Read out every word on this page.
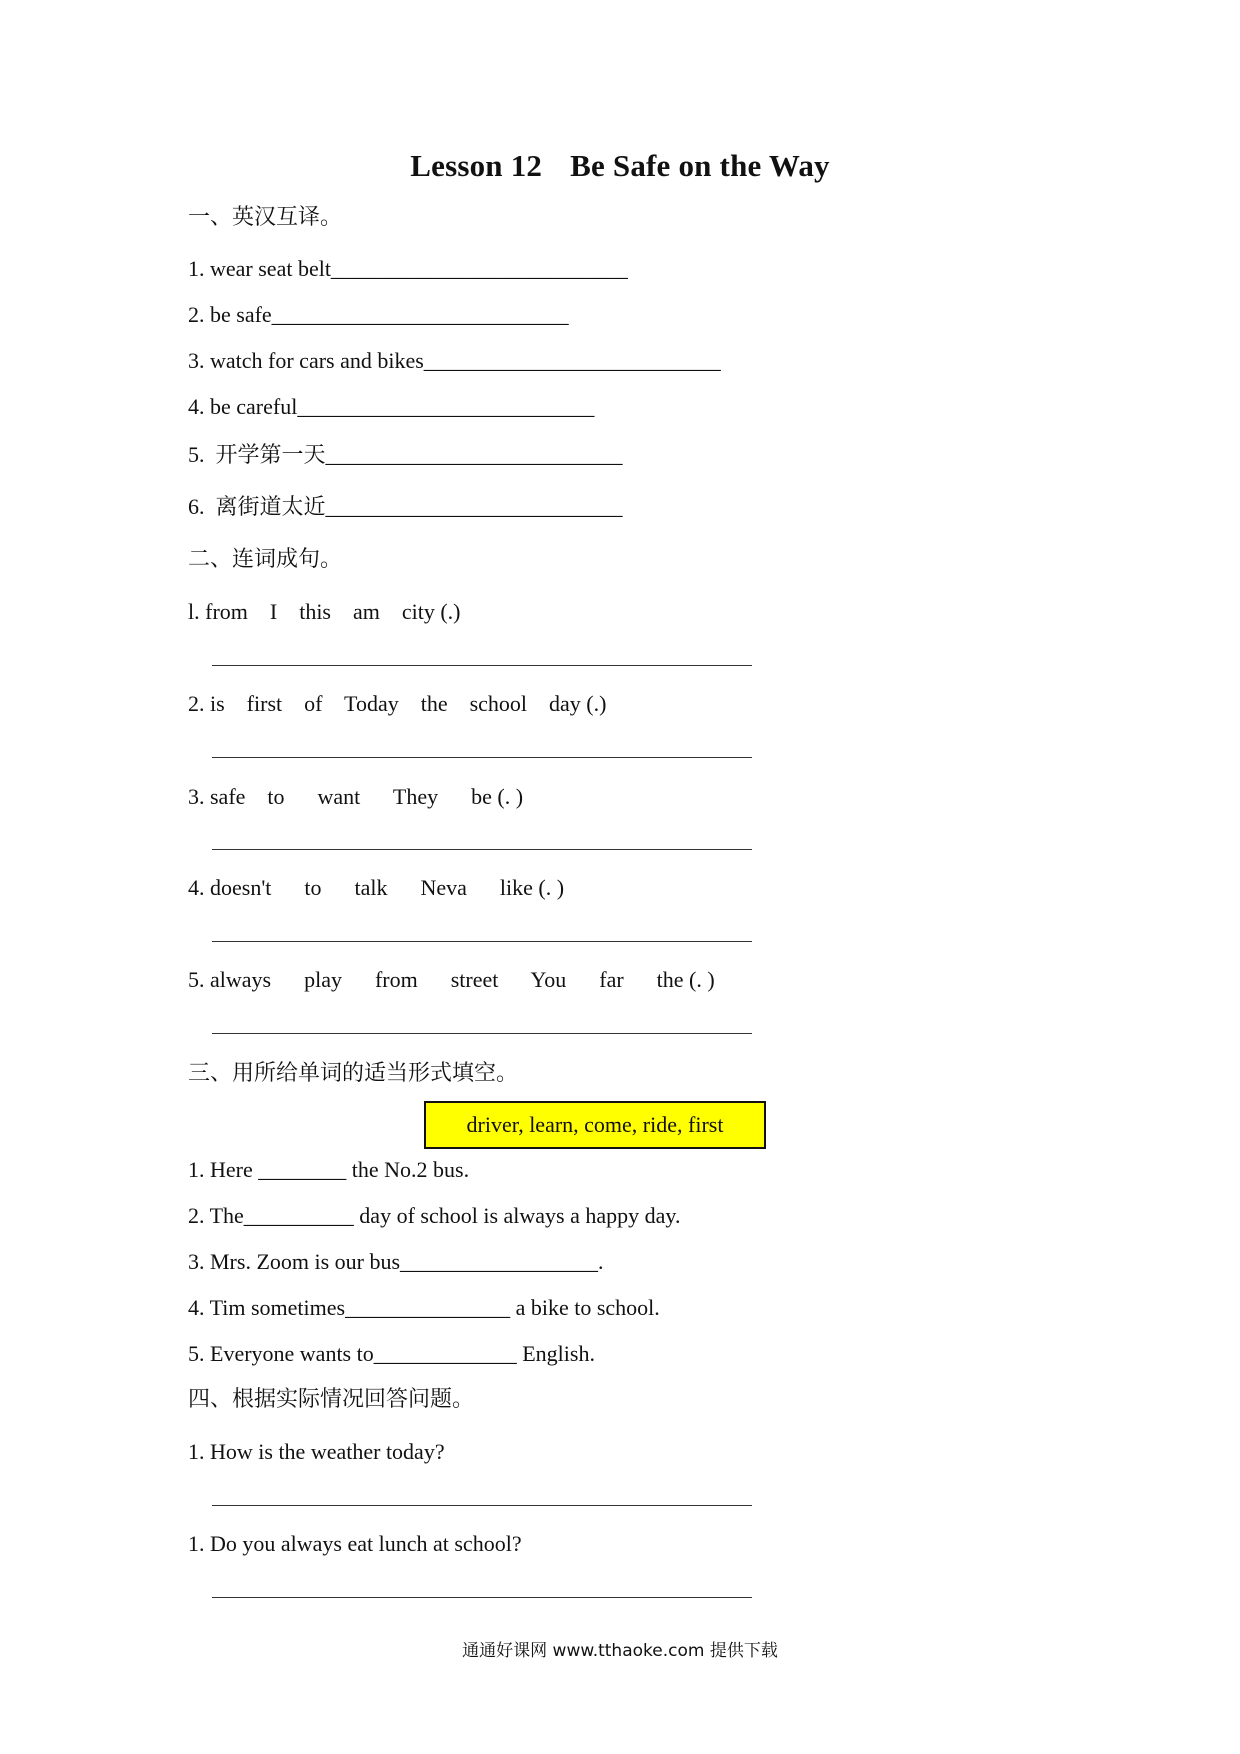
Lesson 12 Be Safe on the Way
一、英汉互译。
1. wear seat belt___________________________
2. be safe___________________________
3. watch for cars and bikes___________________________
4. be careful___________________________
5.  开学第一天___________________________
6.  离街道太近___________________________
二、连词成句。
l. from    I    this    am    city (.)
2. is    first    of    Today    the    school    day (.)
3. safe    to      want      They      be (. )
4. doesn't      to      talk      Neva      like (. )
5. always      play      from      street      You      far      the (. )
三、用所给单词的适当形式填空。
driver, learn, come, ride, first
1. Here ________ the No.2 bus.
2. The__________ day of school is always a happy day.
3. Mrs. Zoom is our bus__________________.
4. Tim sometimes_______________ a bike to school.
5. Everyone wants to_____________ English.
四、根据实际情况回答问题。
1. How is the weather today?
1. Do you always eat lunch at school?
通通好课网 www.tthaoke.com 提供下载
